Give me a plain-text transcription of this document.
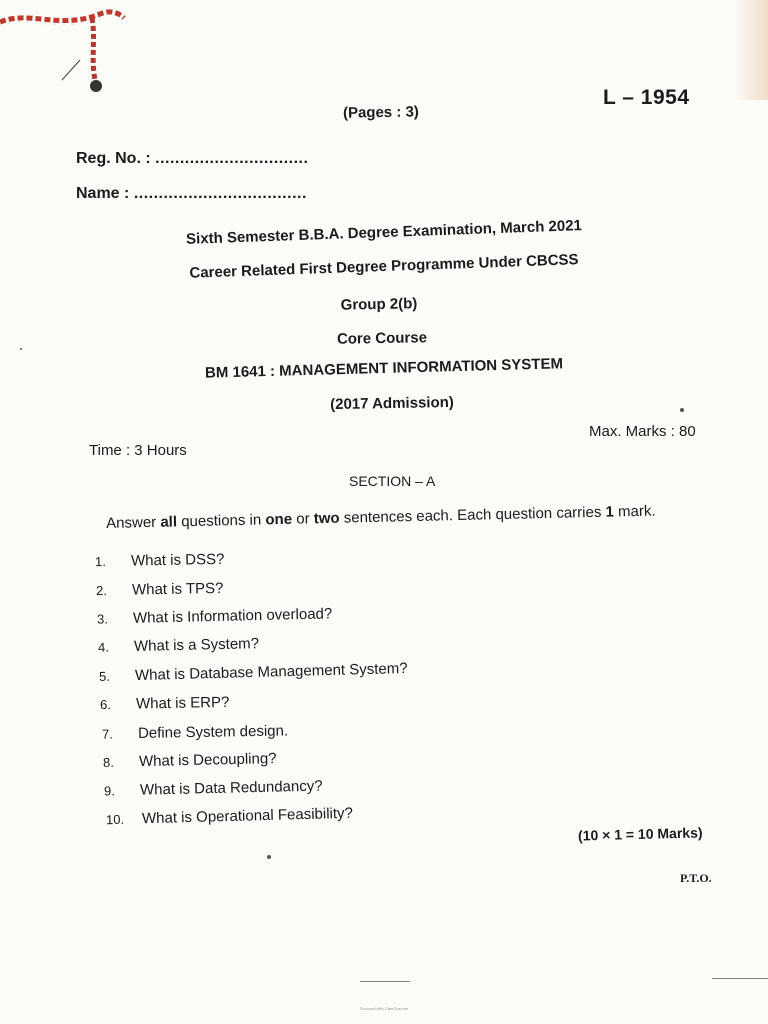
L – 1954
(Pages : 3)
Reg. No. : ...............................
Name : ...................................
Sixth Semester B.B.A. Degree Examination, March 2021
Career Related First Degree Programme Under CBCSS
Group 2(b)
Core Course
BM 1641 : MANAGEMENT INFORMATION SYSTEM
(2017 Admission)
Max. Marks : 80
Time : 3 Hours
SECTION – A
Answer all questions in one or two sentences each. Each question carries 1 mark.
1. What is DSS?
2. What is TPS?
3. What is Information overload?
4. What is a System?
5. What is Database Management System?
6. What is ERP?
7. Define System design.
8. What is Decoupling?
9. What is Data Redundancy?
10. What is Operational Feasibility?
(10 × 1 = 10 Marks)
P.T.O.
Scanned with CamScanner
